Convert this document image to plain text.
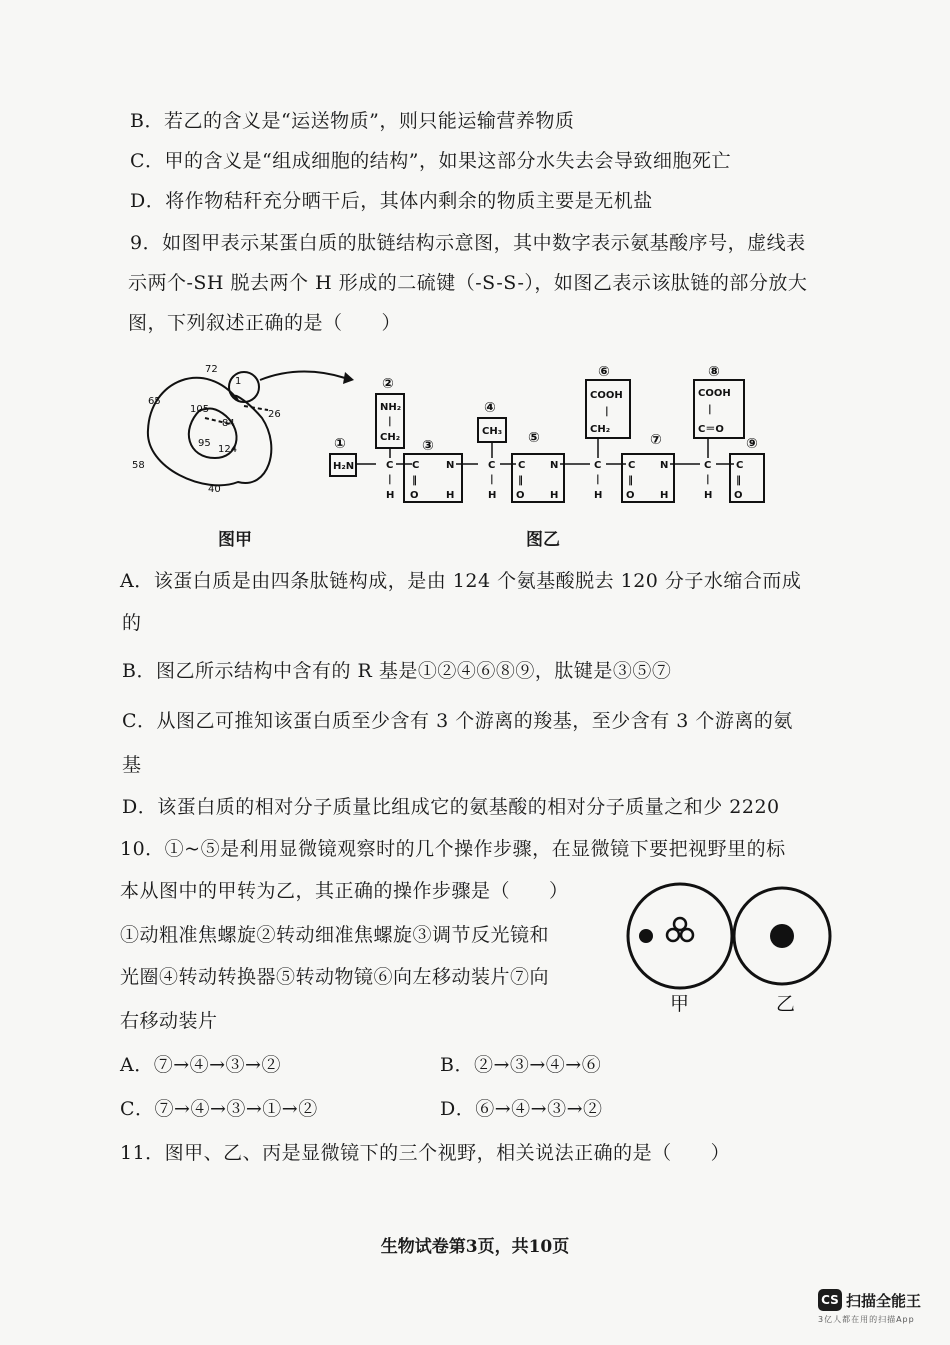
B．若乙的含义是“运送物质”，则只能运输营养物质
C．甲的含义是“组成细胞的结构”，如果这部分水失去会导致细胞死亡
D．将作物秸秆充分晒干后，其体内剩余的物质主要是无机盐
9．如图甲表示某蛋白质的肽链结构示意图，其中数字表示氨基酸序号，虚线表
示两个-SH 脱去两个 H 形成的二硫键（-S-S-），如图乙表示该肽链的部分放大
图，下列叙述正确的是（　　）
1
72
65
105
84
26
95
124
58
40
H₂N
NH₂
|
CH₂
CH₃
COOH
|
CH₂
COOH
|
C＝O
C
|
H
C	N
‖
O	H
C
|
H
C N
‖
O	H
C
|
H
C N
‖
O	H
C
|
H
C
‖
O
①
②
③
④
⑤
⑥
⑦
⑧
⑨
图甲	图乙
A．该蛋白质是由四条肽链构成，是由 124 个氨基酸脱去 120 分子水缩合而成
的
B．图乙所示结构中含有的 R 基是①②④⑥⑧⑨，肽键是③⑤⑦
C．从图乙可推知该蛋白质至少含有 3 个游离的羧基，至少含有 3 个游离的氨
基
D．该蛋白质的相对分子质量比组成它的氨基酸的相对分子质量之和少 2220
10．①~⑤是利用显微镜观察时的几个操作步骤，在显微镜下要把视野里的标
本从图中的甲转为乙，其正确的操作步骤是（　　）
①动粗准焦螺旋②转动细准焦螺旋③调节反光镜和
光圈④转动转换器⑤转动物镜⑥向左移动装片⑦向
右移动装片
甲	乙
A．⑦→④→③→②	B．②→③→④→⑥
C．⑦→④→③→①→②	D．⑥→④→③→②
11．图甲、乙、丙是显微镜下的三个视野，相关说法正确的是（　　）
生物试卷第3页，共10页
CS 扫描全能王
3亿人都在用的扫描App
